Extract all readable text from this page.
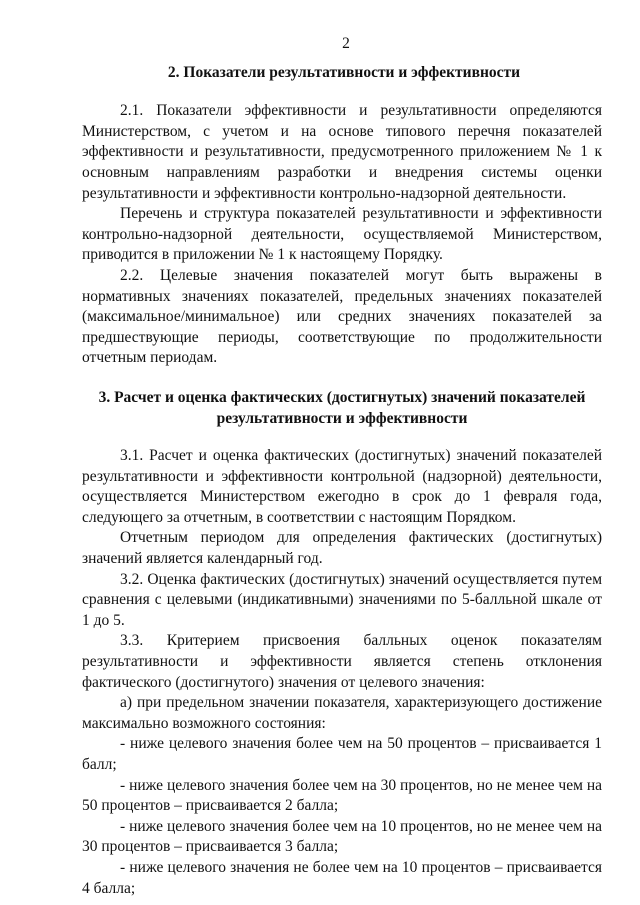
2
2. Показатели результативности и эффективности

2.1. Показатели эффективности и результативности определяются Министерством, с учетом и на основе типового перечня показателей эффективности и результативности, предусмотренного приложением № 1 к основным направлениям разработки и внедрения системы оценки результативности и эффективности контрольно-надзорной деятельности.

Перечень и структура показателей результативности и эффективности контрольно-надзорной деятельности, осуществляемой Министерством, приводится в приложении № 1 к настоящему Порядку.

2.2. Целевые значения показателей могут быть выражены в нормативных значениях показателей, предельных значениях показателей (максимальное/минимальное) или средних значениях показателей за предшествующие периоды, соответствующие по продолжительности отчетным периодам.

3. Расчет и оценка фактических (достигнутых) значений показателей результативности и эффективности

3.1. Расчет и оценка фактических (достигнутых) значений показателей результативности и эффективности контрольной (надзорной) деятельности, осуществляется Министерством ежегодно в срок до 1 февраля года, следующего за отчетным, в соответствии с настоящим Порядком.

Отчетным периодом для определения фактических (достигнутых) значений является календарный год.

3.2. Оценка фактических (достигнутых) значений осуществляется путем сравнения с целевыми (индикативными) значениями по 5-балльной шкале от 1 до 5.

3.3. Критерием присвоения балльных оценок показателям результативности и эффективности является степень отклонения фактического (достигнутого) значения от целевого значения:

а) при предельном значении показателя, характеризующего достижение максимально возможного состояния:

- ниже целевого значения более чем на 50 процентов – присваивается 1 балл;

- ниже целевого значения более чем на 30 процентов, но не менее чем на 50 процентов – присваивается 2 балла;

- ниже целевого значения более чем на 10 процентов, но не менее чем на 30 процентов – присваивается 3 балла;

- ниже целевого значения не более чем на 10 процентов – присваивается 4 балла;
